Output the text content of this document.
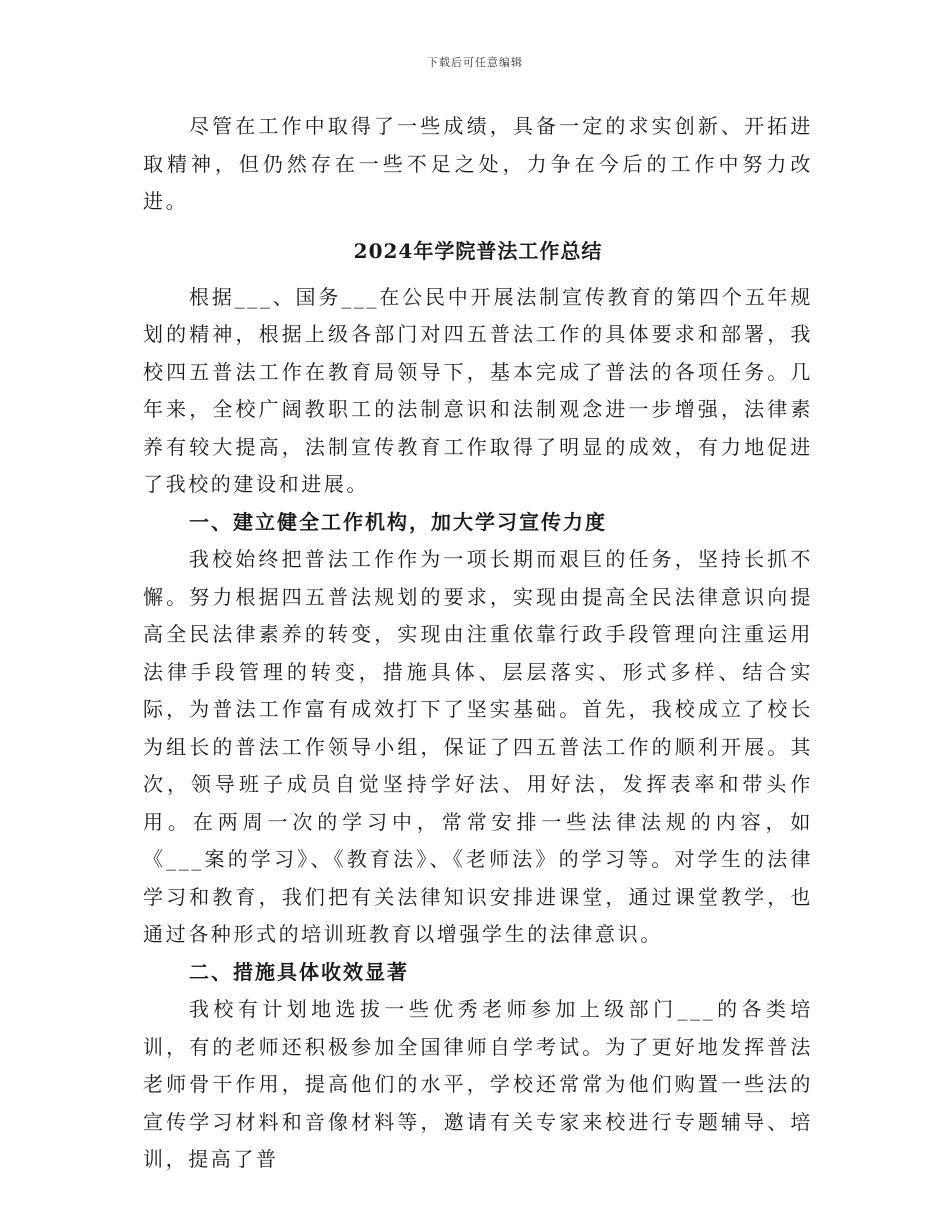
下载后可任意编辑

尽管在工作中取得了一些成绩，具备一定的求实创新、开拓进取精神，但仍然存在一些不足之处，力争在今后的工作中努力改进。

2024年学院普法工作总结

根据___、国务___在公民中开展法制宣传教育的第四个五年规划的精神，根据上级各部门对四五普法工作的具体要求和部署，我校四五普法工作在教育局领导下，基本完成了普法的各项任务。几年来，全校广阔教职工的法制意识和法制观念进一步增强，法律素养有较大提高，法制宣传教育工作取得了明显的成效，有力地促进了我校的建设和进展。

一、建立健全工作机构，加大学习宣传力度

我校始终把普法工作作为一项长期而艰巨的任务，坚持长抓不懈。努力根据四五普法规划的要求，实现由提高全民法律意识向提高全民法律素养的转变，实现由注重依靠行政手段管理向注重运用法律手段管理的转变，措施具体、层层落实、形式多样、结合实际，为普法工作富有成效打下了坚实基础。首先，我校成立了校长为组长的普法工作领导小组，保证了四五普法工作的顺利开展。其次，领导班子成员自觉坚持学好法、用好法，发挥表率和带头作用。在两周一次的学习中，常常安排一些法律法规的内容，如《___案的学习》、《教育法》、《老师法》的学习等。对学生的法律学习和教育，我们把有关法律知识安排进课堂，通过课堂教学，也通过各种形式的培训班教育以增强学生的法律意识。

二、措施具体收效显著

我校有计划地选拔一些优秀老师参加上级部门___的各类培训，有的老师还积极参加全国律师自学考试。为了更好地发挥普法老师骨干作用，提高他们的水平，学校还常常为他们购置一些法的宣传学习材料和音像材料等，邀请有关专家来校进行专题辅导、培训，提高了普
